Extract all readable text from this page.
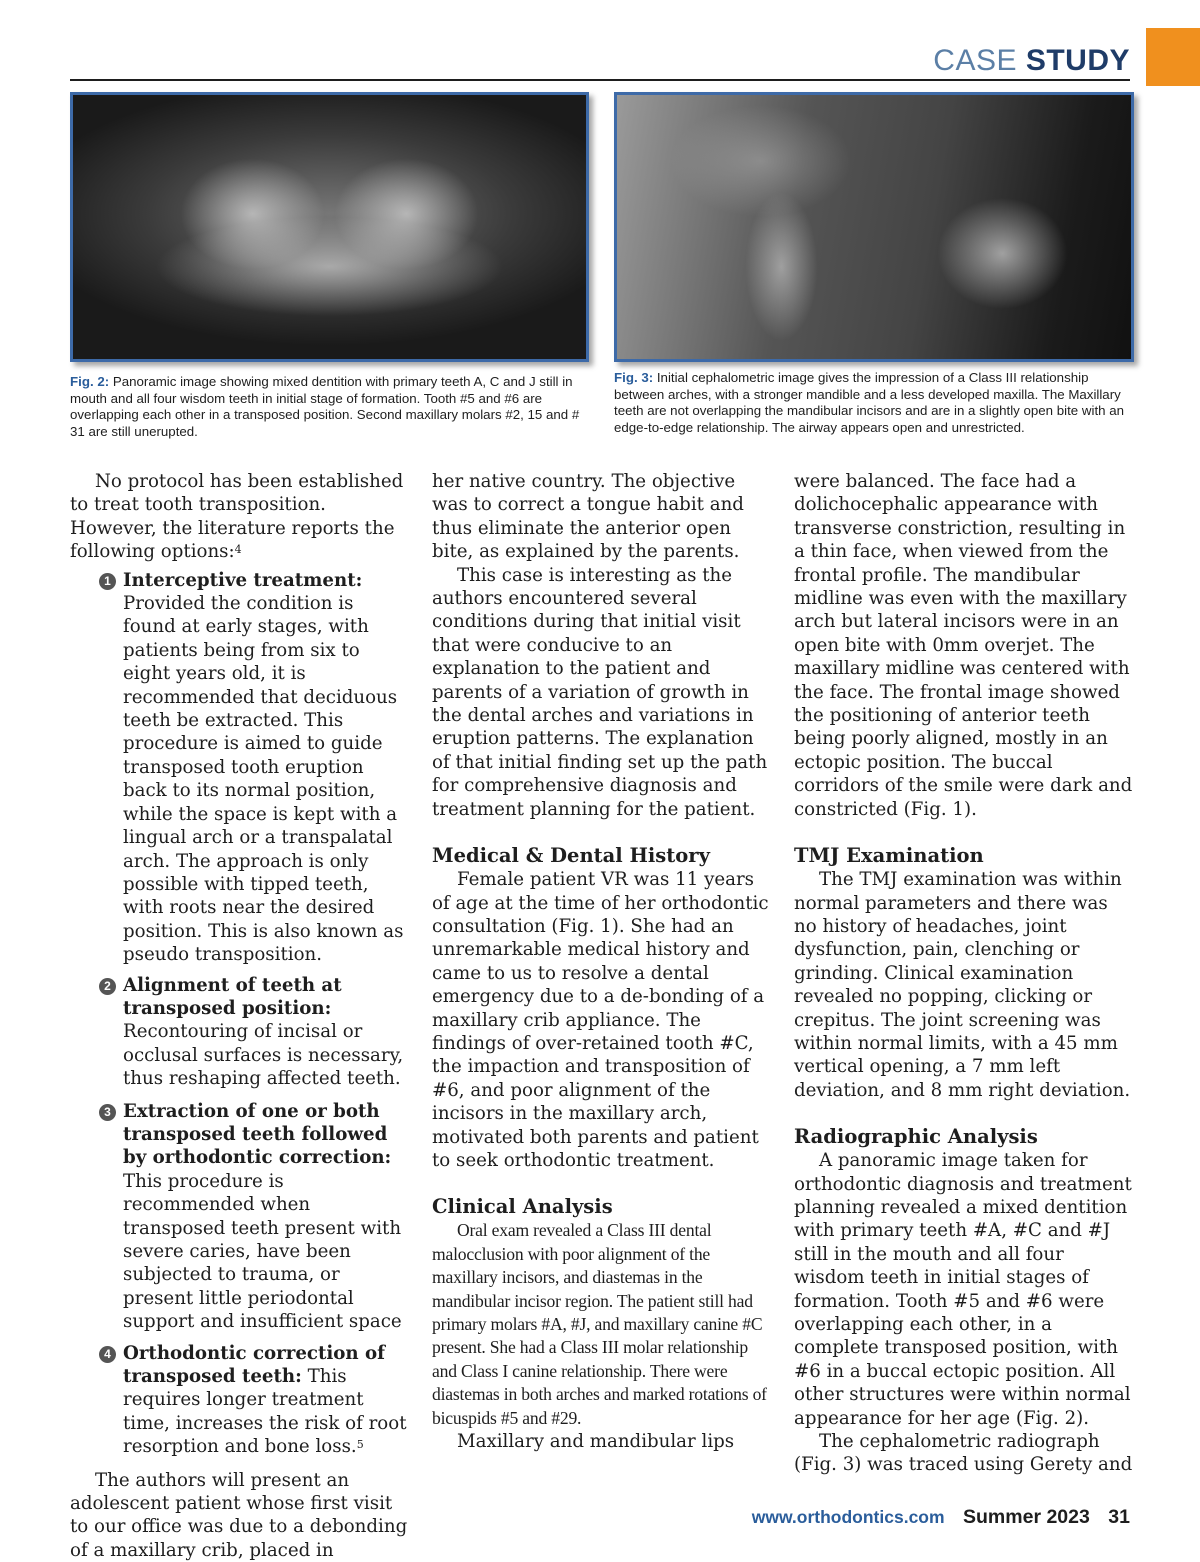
CASE STUDY
Fig. 2: Panoramic image showing mixed dentition with primary teeth A, C and J still in mouth and all four wisdom teeth in initial stage of formation. Tooth #5 and #6 are overlapping each other in a transposed position. Second maxillary molars #2, 15 and # 31 are still unerupted.
Fig. 3: Initial cephalometric image gives the impression of a Class III relationship between arches, with a stronger mandible and a less developed maxilla. The Maxillary teeth are not overlapping the mandibular incisors and are in a slightly open bite with an edge-to-edge relationship. The airway appears open and unrestricted.

No protocol has been established to treat tooth transposition. However, the literature reports the following options:$^4$

1 Interceptive treatment: Provided the condition is found at early stages, with patients being from six to eight years old, it is recommended that deciduous teeth be extracted. This procedure is aimed to guide transposed tooth eruption back to its normal position, while the space is kept with a lingual arch or a transpalatal arch. The approach is only possible with tipped teeth, with roots near the desired position. This is also known as pseudo transposition.
2 Alignment of teeth at transposed position: Recontouring of incisal or occlusal surfaces is necessary, thus reshaping affected teeth.
3 Extraction of one or both transposed teeth followed by orthodontic correction: This procedure is recommended when transposed teeth present with severe caries, have been subjected to trauma, or present little periodontal support and insufficient space
4 Orthodontic correction of transposed teeth: This requires longer treatment time, increases the risk of root resorption and bone loss.$^5$

The authors will present an adolescent patient whose first visit to our office was due to a debonding of a maxillary crib, placed in

her native country. The objective was to correct a tongue habit and thus eliminate the anterior open bite, as explained by the parents.

This case is interesting as the authors encountered several conditions during that initial visit that were conducive to an explanation to the patient and parents of a variation of growth in the dental arches and variations in eruption patterns. The explanation of that initial finding set up the path for comprehensive diagnosis and treatment planning for the patient.

Medical & Dental History

Female patient VR was 11 years of age at the time of her orthodontic consultation (Fig. 1). She had an unremarkable medical history and came to us to resolve a dental emergency due to a de-bonding of a maxillary crib appliance. The findings of over-retained tooth #C, the impaction and transposition of #6, and poor alignment of the incisors in the maxillary arch, motivated both parents and patient to seek orthodontic treatment.

Clinical Analysis

Oral exam revealed a Class III dental malocclusion with poor alignment of the maxillary incisors, and diastemas in the mandibular incisor region. The patient still had primary molars #A, #J, and maxillary canine #C present. She had a Class III molar relationship and Class I canine relationship. There were diastemas in both arches and marked rotations of bicuspids #5 and #29.

Maxillary and mandibular lips

were balanced. The face had a dolichocephalic appearance with transverse constriction, resulting in a thin face, when viewed from the frontal profile. The mandibular midline was even with the maxillary arch but lateral incisors were in an open bite with 0mm overjet. The maxillary midline was centered with the face. The frontal image showed the positioning of anterior teeth being poorly aligned, mostly in an ectopic position. The buccal corridors of the smile were dark and constricted (Fig. 1).

TMJ Examination

The TMJ examination was within normal parameters and there was no history of headaches, joint dysfunction, pain, clenching or grinding. Clinical examination revealed no popping, clicking or crepitus. The joint screening was within normal limits, with a 45 mm vertical opening, a 7 mm left deviation, and 8 mm right deviation.

Radiographic Analysis

A panoramic image taken for orthodontic diagnosis and treatment planning revealed a mixed dentition with primary teeth #A, #C and #J still in the mouth and all four wisdom teeth in initial stages of formation. Tooth #5 and #6 were overlapping each other, in a complete transposed position, with #6 in a buccal ectopic position. All other structures were within normal appearance for her age (Fig. 2).

The cephalometric radiograph (Fig. 3) was traced using Gerety and

www.orthodontics.com Summer 2023 31
